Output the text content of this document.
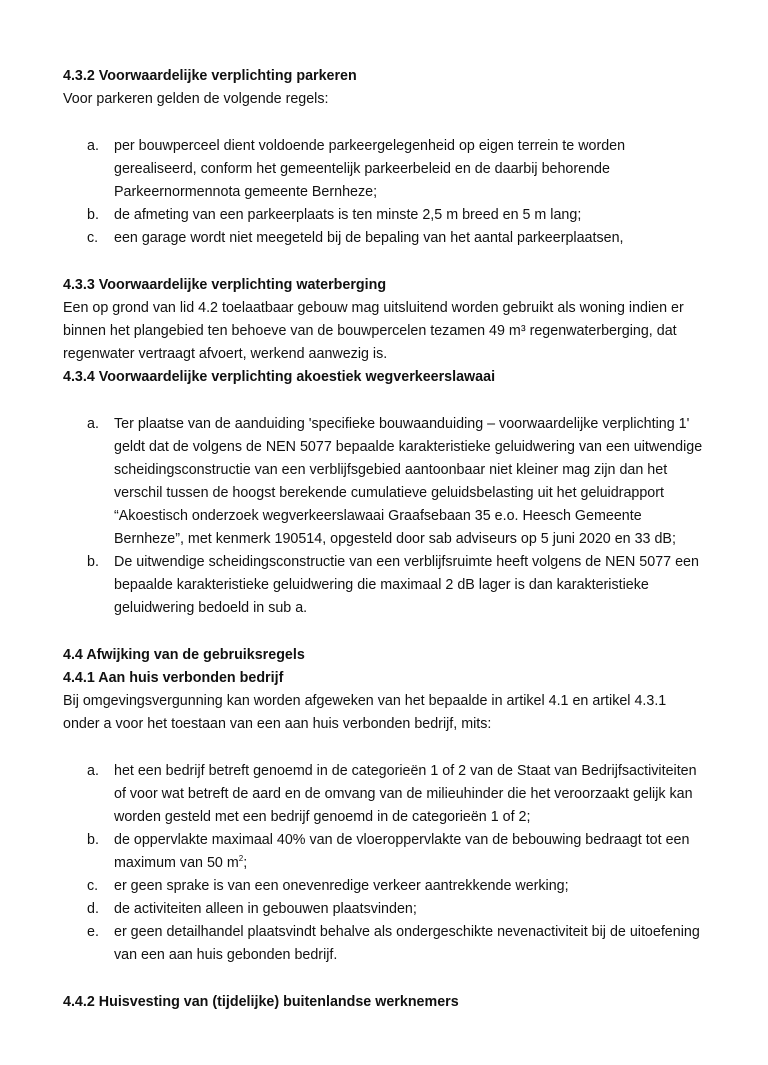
4.3.2 Voorwaardelijke verplichting parkeren

Voor parkeren gelden de volgende regels:

a. per bouwperceel dient voldoende parkeergelegenheid op eigen terrein te worden gerealiseerd, conform het gemeentelijk parkeerbeleid en de daarbij behorende Parkeernormennota gemeente Bernheze;
b. de afmeting van een parkeerplaats is ten minste 2,5 m breed en 5 m lang;
c. een garage wordt niet meegeteld bij de bepaling van het aantal parkeerplaatsen,

4.3.3 Voorwaardelijke verplichting waterberging

Een op grond van lid 4.2 toelaatbaar gebouw mag uitsluitend worden gebruikt als woning indien er binnen het plangebied ten behoeve van de bouwpercelen tezamen 49 m³ regenwaterberging, dat regenwater vertraagt afvoert, werkend aanwezig is.

4.3.4 Voorwaardelijke verplichting akoestiek wegverkeerslawaai

a. Ter plaatse van de aanduiding 'specifieke bouwaanduiding – voorwaardelijke verplichting 1' geldt dat de volgens de NEN 5077 bepaalde karakteristieke geluidwering van een uitwendige scheidingsconstructie van een verblijfsgebied aantoonbaar niet kleiner mag zijn dan het verschil tussen de hoogst berekende cumulatieve geluidsbelasting uit het geluidrapport “Akoestisch onderzoek wegverkeerslawaai Graafsebaan 35 e.o. Heesch Gemeente Bernheze”, met kenmerk 190514, opgesteld door sab adviseurs op 5 juni 2020 en 33 dB;
b. De uitwendige scheidingsconstructie van een verblijfsruimte heeft volgens de NEN 5077 een bepaalde karakteristieke geluidwering die maximaal 2 dB lager is dan karakteristieke geluidwering bedoeld in sub a.

4.4 Afwijking van de gebruiksregels

4.4.1 Aan huis verbonden bedrijf

Bij omgevingsvergunning kan worden afgeweken van het bepaalde in artikel 4.1 en artikel 4.3.1 onder a voor het toestaan van een aan huis verbonden bedrijf, mits:

a. het een bedrijf betreft genoemd in de categorieën 1 of 2 van de Staat van Bedrijfsactiviteiten of voor wat betreft de aard en de omvang van de milieuhinder die het veroorzaakt gelijk kan worden gesteld met een bedrijf genoemd in de categorieën 1 of 2;
b. de oppervlakte maximaal 40% van de vloeroppervlakte van de bebouwing bedraagt tot een maximum van 50 $m^2$;
c. er geen sprake is van een onevenredige verkeer aantrekkende werking;
d. de activiteiten alleen in gebouwen plaatsvinden;
e. er geen detailhandel plaatsvindt behalve als ondergeschikte nevenactiviteit bij de uitoefening van een aan huis gebonden bedrijf.

4.4.2 Huisvesting van (tijdelijke) buitenlandse werknemers
